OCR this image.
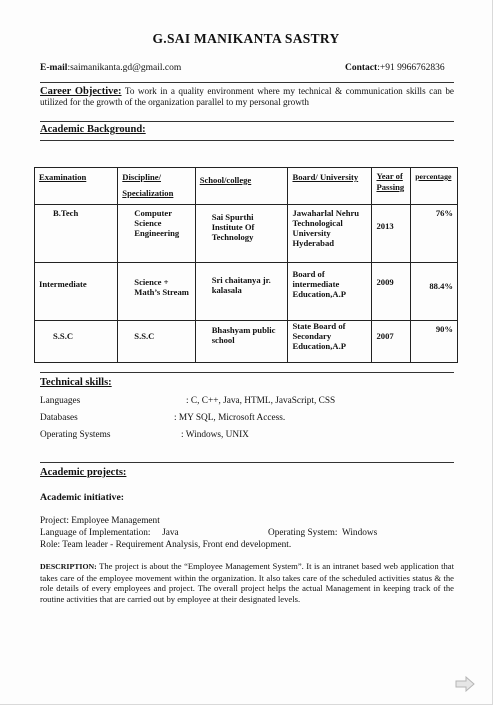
G.SAI MANIKANTA SASTRY
E-mail:saimanikanta.gd@gmail.com	Contact:+91 9966762836
Career Objective: To work in a quality environment where my technical & communication skills can be utilized for the growth of the organization parallel to my personal growth
Academic Background:
Examination	Discipline/ Specialization	School/college	Board/ University	Year of Passing	percentage
B.Tech	Computer Science Engineering	Sai Spurthi Institute Of Technology	Jawaharlal Nehru Technological University Hyderabad	2013	76%
Intermediate	Science + Math’s Stream	Sri chaitanya jr. kalasala	Board of intermediate Education,A.P	2009	88.4%
S.S.C	S.S.C	Bhashyam public school	State Board of Secondary Education,A.P	2007	90%
Technical skills:
Languages	: C, C++, Java, HTML, JavaScript, CSS
Databases	: MY SQL, Microsoft Access.
Operating Systems	: Windows, UNIX
Academic projects:
Academic initiative:
Project: Employee Management
Language of Implementation:     Java	Operating System:  Windows
Role: Team leader - Requirement Analysis, Front end development.
DESCRIPTION: The project is about the “Employee Management System”. It is an intranet based web application that takes care of the employee movement within the organization. It also takes care of the scheduled activities status & the role details of every employees and project. The overall project helps the actual Management in keeping track of the routine activities that are carried out by employee at their designated levels.
